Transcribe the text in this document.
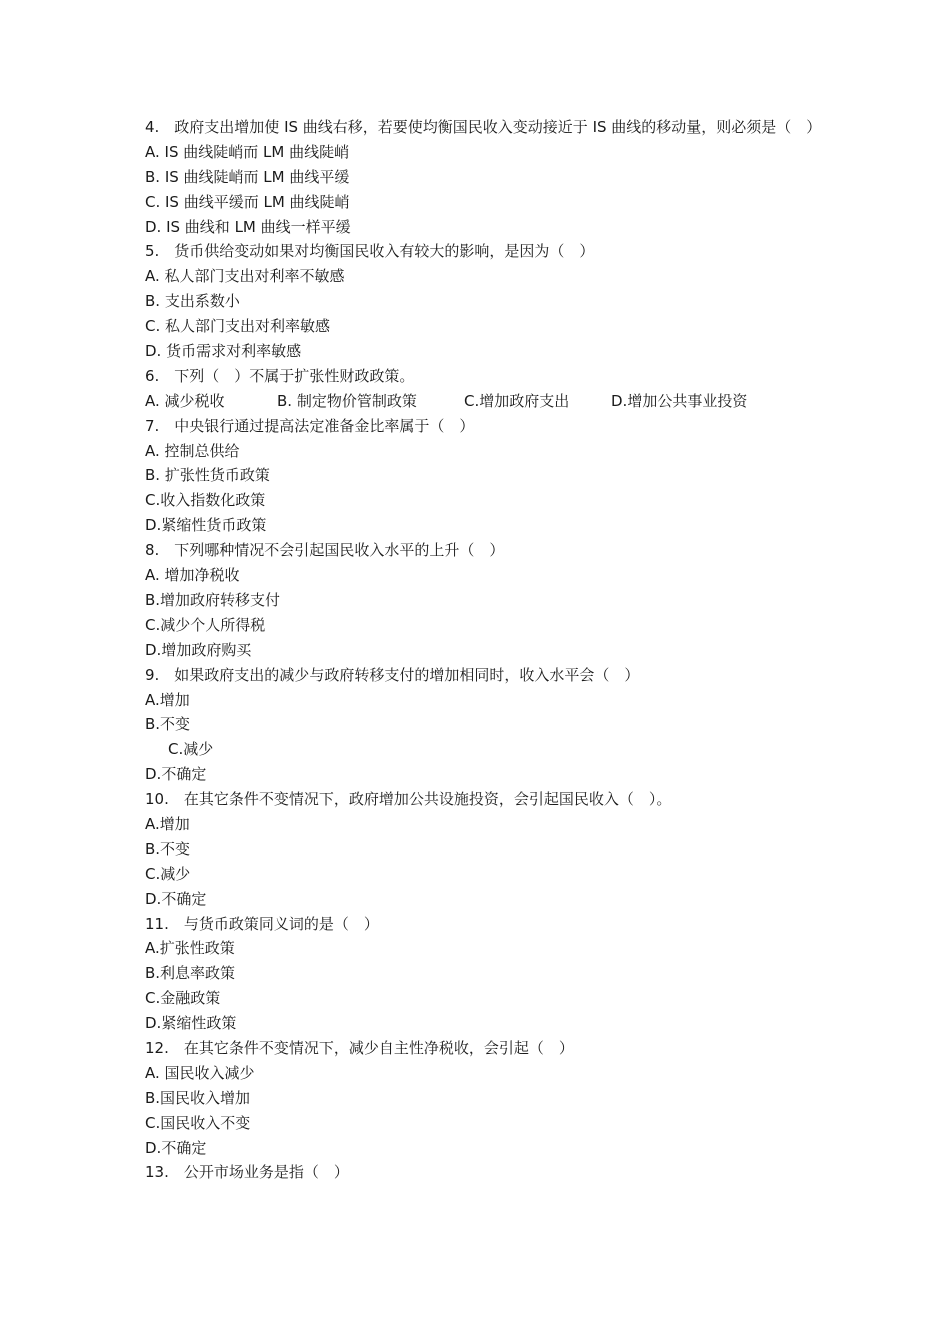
4.　政府支出增加使 IS 曲线右移，若要使均衡国民收入变动接近于 IS 曲线的移动量，则必须是（　）
A. IS 曲线陡峭而 LM 曲线陡峭
B. IS 曲线陡峭而 LM 曲线平缓
C. IS 曲线平缓而 LM 曲线陡峭
D. IS 曲线和 LM 曲线一样平缓
5.　货币供给变动如果对均衡国民收入有较大的影响，是因为（　）
A. 私人部门支出对利率不敏感
B. 支出系数小
C. 私人部门支出对利率敏感
D. 货币需求对利率敏感
6.　下列（　）不属于扩张性财政政策。
A. 减少税收	B. 制定物价管制政策	C.增加政府支出	D.增加公共事业投资
7.　中央银行通过提高法定准备金比率属于（　）
A. 控制总供给
B. 扩张性货币政策
C.收入指数化政策
D.紧缩性货币政策
8.　下列哪种情况不会引起国民收入水平的上升（　）
A. 增加净税收
B.增加政府转移支付
C.减少个人所得税
D.增加政府购买
9.　如果政府支出的减少与政府转移支付的增加相同时，收入水平会（　）
A.增加
B.不变
C.减少
D.不确定
10.　在其它条件不变情况下，政府增加公共设施投资，会引起国民收入（　）。
A.增加
B.不变
C.减少
D.不确定
11.　与货币政策同义词的是（　）
A.扩张性政策
B.利息率政策
C.金融政策
D.紧缩性政策
12.　在其它条件不变情况下，减少自主性净税收，会引起（　）
A. 国民收入减少
B.国民收入增加
C.国民收入不变
D.不确定
13.　公开市场业务是指（　）
